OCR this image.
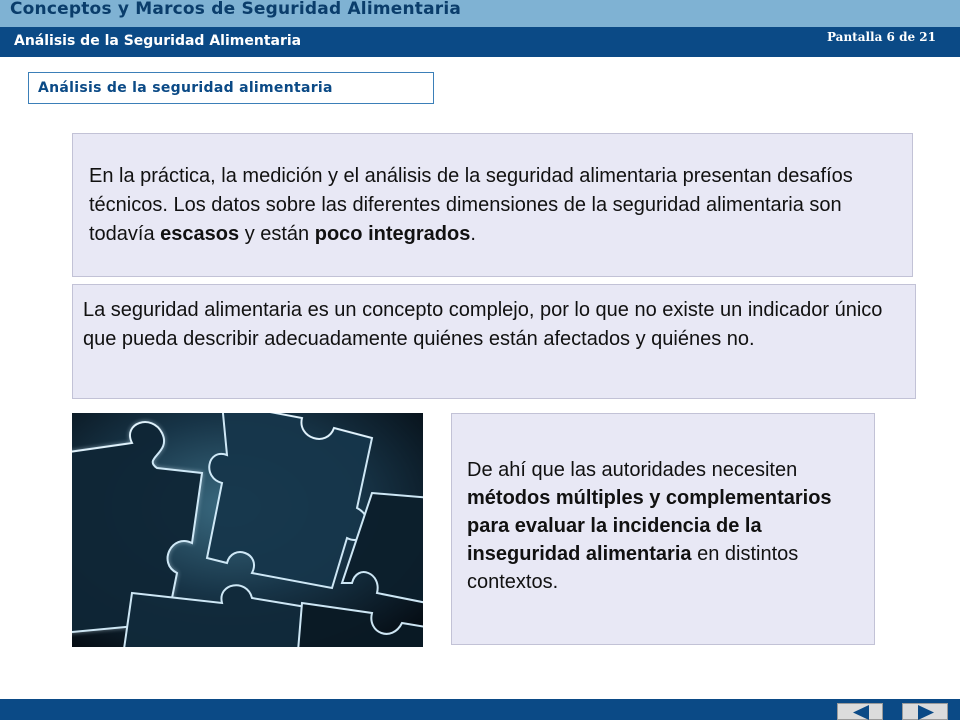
Conceptos y Marcos de Seguridad Alimentaria
Análisis de la Seguridad Alimentaria	Pantalla 6 de 21
Análisis de la seguridad alimentaria

En la práctica, la medición y el análisis de la seguridad alimentaria presentan desafíos técnicos. Los datos sobre las diferentes dimensiones de la seguridad alimentaria son todavía escasos y están poco integrados.

La seguridad alimentaria es un concepto complejo, por lo que no existe un indicador único que pueda describir adecuadamente quiénes están afectados y quiénes no.

De ahí que las autoridades necesiten métodos múltiples y complementarios para evaluar la incidencia de la inseguridad alimentaria en distintos contextos.
